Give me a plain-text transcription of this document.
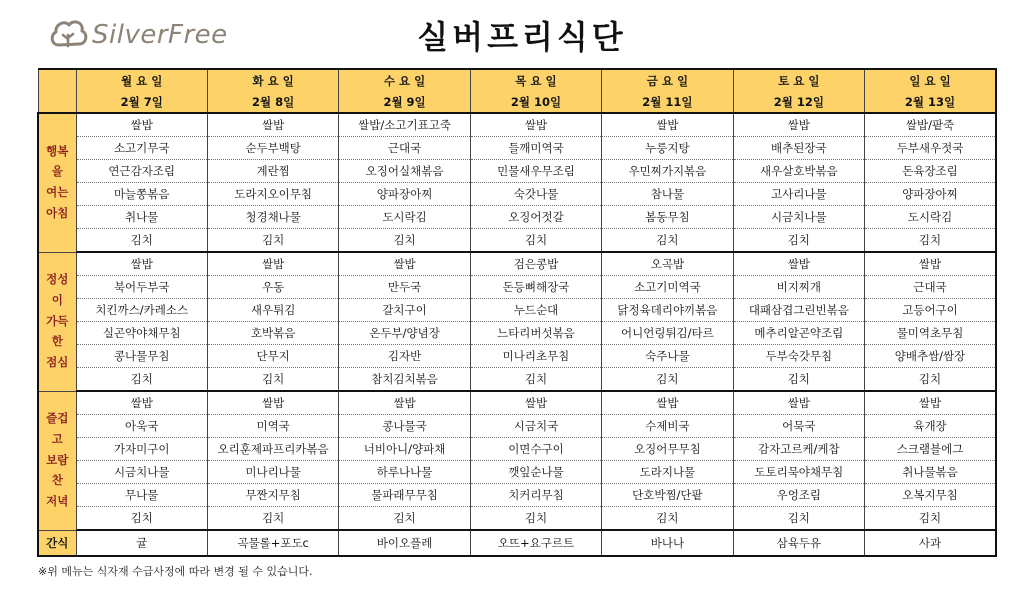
SilverFree	실버프리식단
	월 요 일	화 요 일	수 요 일	목 요 일	금 요 일	토 요 일	일 요 일
	2월 7일	2월 8일	2월 9일	2월 10일	2월 11일	2월 12일	2월 13일

행복
을
여는
아침	쌀밥	쌀밥	쌀밥/소고기표고죽	쌀밥	쌀밥	쌀밥	쌀밥/팥죽
	소고기무국	순두부백탕	근대국	들깨미역국	누룽지탕	배추된장국	두부새우젓국
	연근감자조림	계란찜	오징어실채볶음	민물새우무조림	우민찌가지볶음	새우살호박볶음	돈육장조림
	마늘쫑볶음	도라지오이무침	양파장아찌	숙갓나물	참나물	고사리나물	양파장아찌
	취나물	청경채나물	도시락김	오징어젓갈	봄동무침	시금치나물	도시락김
	김치	김치	김치	김치	김치	김치	김치

정성
이
가득
한
점심	쌀밥	쌀밥	쌀밥	검은콩밥	오곡밥	쌀밥	쌀밥
	북어두부국	우동	만두국	돈등뼈해장국	소고기미역국	비지찌개	근대국
	치킨까스/카레소스	새우튀김	갈치구이	누드순대	닭정육데리야끼볶음	대패삼겹그린빈볶음	고등어구이
	실곤약야채무침	호박볶음	온두부/양념장	느타리버섯볶음	어니언링튀김/타르	메추리알곤약조림	물미역초무침
	콩나물무침	단무지	김자반	미나리초무침	숙주나물	두부숙갓무침	양배추쌈/쌈장
	김치	김치	참치김치볶음	김치	김치	김치	김치

즐겁
고
보람
찬
저녁	쌀밥	쌀밥	쌀밥	쌀밥	쌀밥	쌀밥	쌀밥
	아욱국	미역국	콩나물국	시금치국	수제비국	어묵국	육개장
	가자미구이	오리훈제파프리카볶음	너비아니/양파채	이면수구이	오징어무무침	감자고르케/케찹	스크램블에그
	시금치나물	미나리나물	하루나나물	깻잎순나물	도라지나물	도토리묵야채무침	취나물볶음
	무나물	무짠지무침	물파래무무침	치커리무침	단호박찜/단팥	우엉조림	오복지무침
	김치	김치	김치	김치	김치	김치	김치
간식	귤	곡물롤+포도c	바이오플레	오뜨+요구르트	바나나	삼육두유	사과
※위 메뉴는 식자재 수급사정에 따라 변경 될 수 있습니다.
